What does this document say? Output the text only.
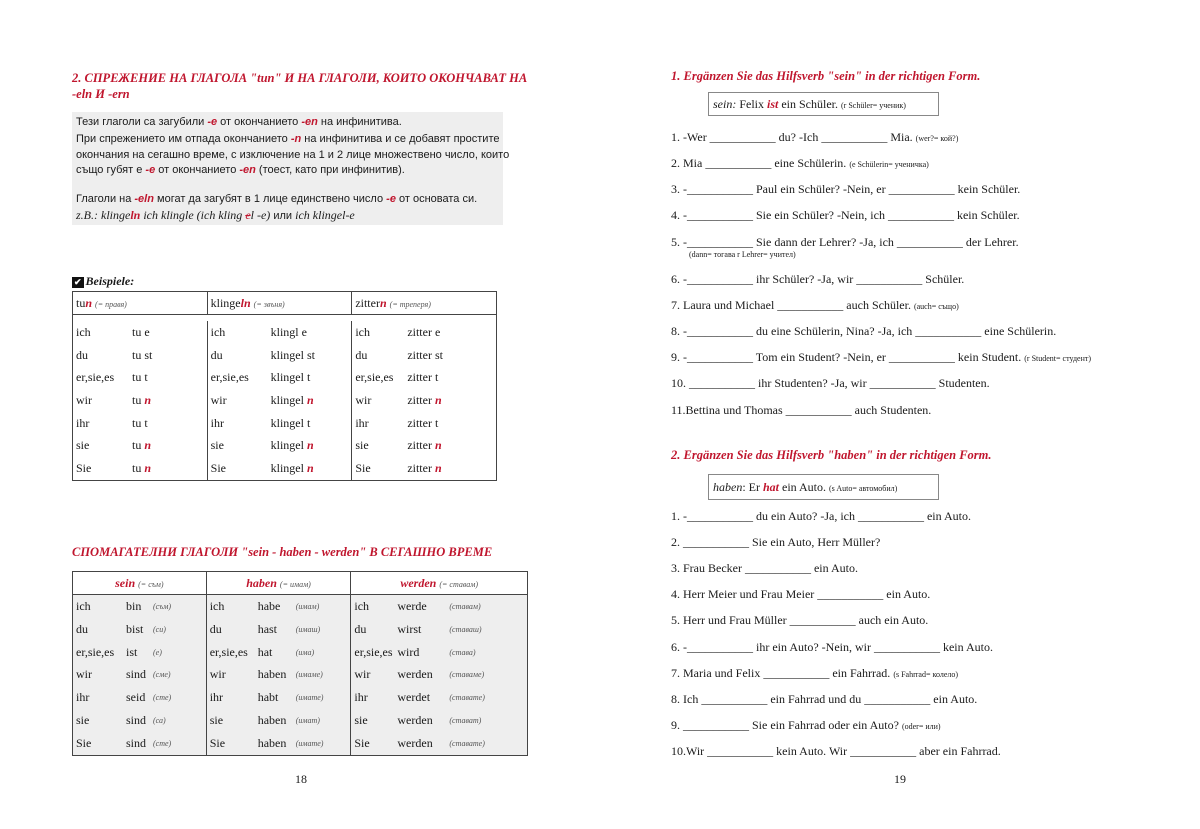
2. СПРЕЖЕНИЕ НА ГЛАГОЛА "tun" И НА ГЛАГОЛИ, КОИТО ОКОНЧАВАТ НА
-eln И -ern
Тези глаголи са загубили -e от окончанието -en на инфинитива.
При спрежението им отпада окончанието -n на инфинитива и се добавят простите
окончания на сегашно време, с изключение на 1 и 2 лице множествено число, които
също губят е -e от окончанието -en (тоест, като при инфинитив).
Глаголи на -eln могат да загубят в 1 лице единствено число -e от основата си.
z.B.: klingeln ich klingle (ich kling el -e) или ich klingel-e
✔ Beispiele:
tun (= правя)	klingeln (= звъня)	zittern (= треперя)

ich tu e	ich klingl e	ich zitter e

du tu st	du klingel st	du zitter st

er,sie,es tu t	er,sie,es klingel t	er,sie,es zitter t

wir tu n	wir klingel n	wir zitter n

ihr tu t	ihr klingel t	ihr zitter t

sie tu n	sie klingel n	sie zitter n

Sie tu n	Sie klingel n	Sie zitter n
СПОМАГАТЕЛНИ ГЛАГОЛИ "sein - haben - werden" В СЕГАШНО ВРЕМЕ
sein (= съм)	haben (= имам)	werden (= ставам)

ich bin (съм)	ich habe (имам)	ich werde (ставам)

du bist (си)	du hast (имаш)	du wirst (ставаш)

er,sie,es ist (е)	er,sie,es hat (има)	er,sie,es wird (става)

wir sind (сме)	wir haben (имаме)	wir werden (ставаме)

ihr seid (сте)	ihr habt (имате)	ihr werdet (ставате)

sie sind (са)	sie haben (имат)	sie werden (стават)

Sie sind (сте)	Sie haben (имате)	Sie werden (ставате)
18
1. Ergänzen Sie das Hilfsverb "sein" in der richtigen Form.
sein: Felix ist ein Schüler. (r Schüler= ученик)
1. -Wer ___________ du? -Ich ___________ Mia. (wer?= кой?)
2. Mia ___________ eine Schülerin. (e Schülerin= ученичка)
3. -___________ Paul ein Schüler? -Nein, er ___________ kein Schüler.
4. -___________ Sie ein Schüler? -Nein, ich ___________ kein Schüler.
5. -___________ Sie dann der Lehrer? -Ja, ich ___________ der Lehrer.
(dann= тогава r Lehrer= учител)
6. -___________ ihr Schüler? -Ja, wir ___________ Schüler.
7. Laura und Michael ___________ auch Schüler. (auch= също)
8. -___________ du eine Schülerin, Nina? -Ja, ich ___________ eine Schülerin.
9. -___________ Tom ein Student? -Nein, er ___________ kein Student. (r Student= студент)
10. ___________ ihr Studenten? -Ja, wir ___________ Studenten.
11.Bettina und Thomas ___________ auch Studenten.
2. Ergänzen Sie das Hilfsverb "haben" in der richtigen Form.
haben: Er hat ein Auto. (s Auto= автомобил)
1. -___________ du ein Auto? -Ja, ich ___________ ein Auto.
2. ___________ Sie ein Auto, Herr Müller?
3. Frau Becker ___________ ein Auto.
4. Herr Meier und Frau Meier ___________ ein Auto.
5. Herr und Frau Müller ___________ auch ein Auto.
6. -___________ ihr ein Auto? -Nein, wir ___________ kein Auto.
7. Maria und Felix ___________ ein Fahrrad. (s Fahrrad= колело)
8. Ich ___________ ein Fahrrad und du ___________ ein Auto.
9. ___________ Sie ein Fahrrad oder ein Auto? (oder= или)
10.Wir ___________ kein Auto. Wir ___________ aber ein Fahrrad.
19
